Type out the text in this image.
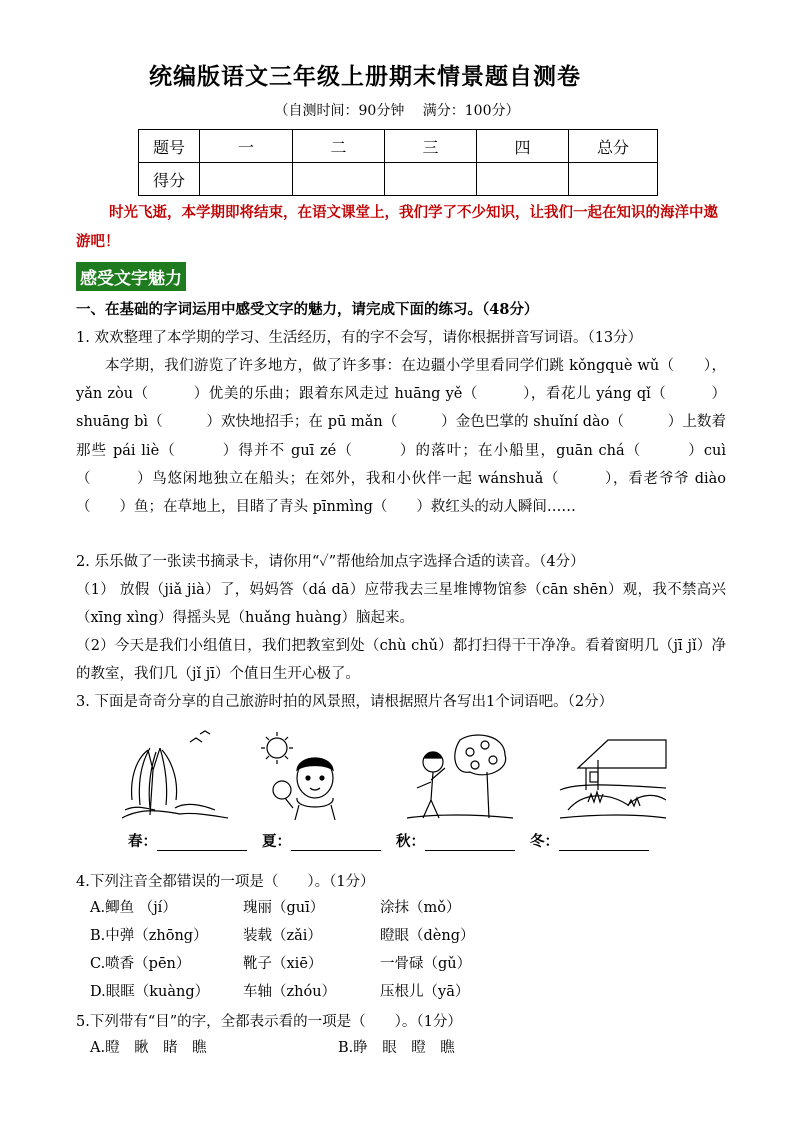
统编版语文三年级上册期末情景题自测卷
（自测时间：90分钟　 满分：100分）
题号	一	二	三	四	总分
得分					
时光飞逝，本学期即将结束，在语文课堂上，我们学了不少知识，让我们一起在知识的海洋中遨游吧！
感受文字魅力
一、在基础的字词运用中感受文字的魅力，请完成下面的练习。（48分）
1. 欢欢整理了本学期的学习、生活经历，有的字不会写，请你根据拼音写词语。（13分）
本学期，我们游览了许多地方，做了许多事：在边疆小学里看同学们跳 kǒngquè wǔ（　　），yǎn zòu（　　　）优美的乐曲；跟着东风走过 huāng yě（　　　），看花儿 yáng qǐ（　　　）shuāng bì（　　　）欢快地招手；在 pū mǎn（　　　）金色巴掌的 shuǐní dào（　　　）上数着那些 pái liè（　　　）得并不 guī zé（　　　）的落叶；在小船里，guān chá（　　　）cuì（　　　）鸟悠闲地独立在船头；在郊外，我和小伙伴一起 wánshuǎ（　　　），看老爷爷 diào（　　）鱼；在草地上，目睹了青头 pīnmìng（　　）救红头的动人瞬间……
2. 乐乐做了一张读书摘录卡，请你用“✓”帮他给加点字选择合适的读音。（4分）
（1） 放假（jiǎ jià）了，妈妈答（dá dā）应带我去三星堆博物馆参（cān shēn）观，我不禁高兴（xīng xìng）得摇头晃（huǎng huàng）脑起来。
（2）今天是我们小组值日，我们把教室到处（chù chǔ）都打扫得干干净净。看着窗明几（jī jǐ）净的教室，我们几（jǐ jī）个值日生开心极了。
3. 下面是奇奇分享的自己旅游时拍的风景照，请根据照片各写出1个词语吧。（2分）
春：	夏：	秋：	冬：
4.下列注音全都错误的一项是（　　）。（1分）
A.鲫鱼 （jí）	瑰丽（guī）	涂抹（mǒ）
B.中弹（zhōng） 装载（zǎi）	瞪眼（dèng）
C.喷香（pēn）	靴子（xiē）	一骨碌（gǔ）
D.眼眶（kuàng） 车轴（zhóu）	压根儿（yā）
5.下列带有“目”的字，全都表示看的一项是（　　）。（1分）
A.瞪　瞅　睹　瞧	B.睁　眼　瞪　瞧
